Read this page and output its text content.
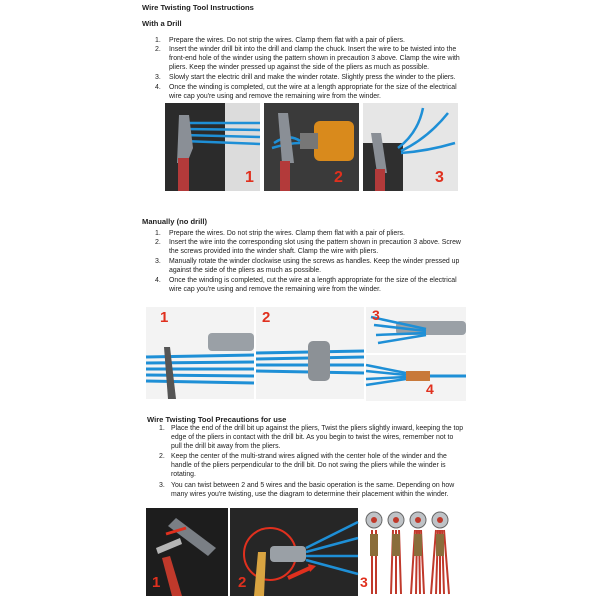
Wire Twisting Tool Instructions
With a Drill
1. Prepare the wires. Do not strip the wires. Clamp them flat with a pair of pliers.
2. Insert the winder drill bit into the drill and clamp the chuck. Insert the wire to be twisted into the
front-end hole of the winder using the pattern shown in precaution 3 above. Clamp the wire with
pliers. Keep the winder pressed up against the side of the pliers as much as possible.
3. Slowly start the electric drill and make the winder rotate. Slightly press the winder to the pliers.
4. Once the winding is completed, cut the wire at a length appropriate for the size of the electrical
wire cap you're using and remove the remaining wire from the winder.
1	2	3
Manually (no drill)
1. Prepare the wires. Do not strip the wires. Clamp them flat with a pair of pliers.
2. Insert the wire into the corresponding slot using the pattern shown in precaution 3 above. Screw
the screws provided into the winder shaft. Clamp the wire with pliers.
3. Manually rotate the winder clockwise using the screws as handles. Keep the winder pressed up
against the side of the pliers as much as possible.
4. Once the winding is completed, cut the wire at a length appropriate for the size of the electrical
wire cap you're using and remove the remaining wire from the winder.
1	2	3
4
Wire Twisting Tool Precautions for use
1. Place the end of the drill bit up against the pliers, Twist the pliers slightly inward, keeping the top
edge of the pliers in contact with the drill bit. As you begin to twist the wires, remember not to
pull the drill bit away from the pliers.
2. Keep the center of the multi-strand wires aligned with the center hole of the winder and the
handle of the pliers perpendicular to the drill bit. Do not swing the pliers while the winder is
rotating.
3. You can twist between 2 and 5 wires and the basic operation is the same. Depending on how
many wires you're twisting, use the diagram to determine their placement within the winder.
1	2	3
